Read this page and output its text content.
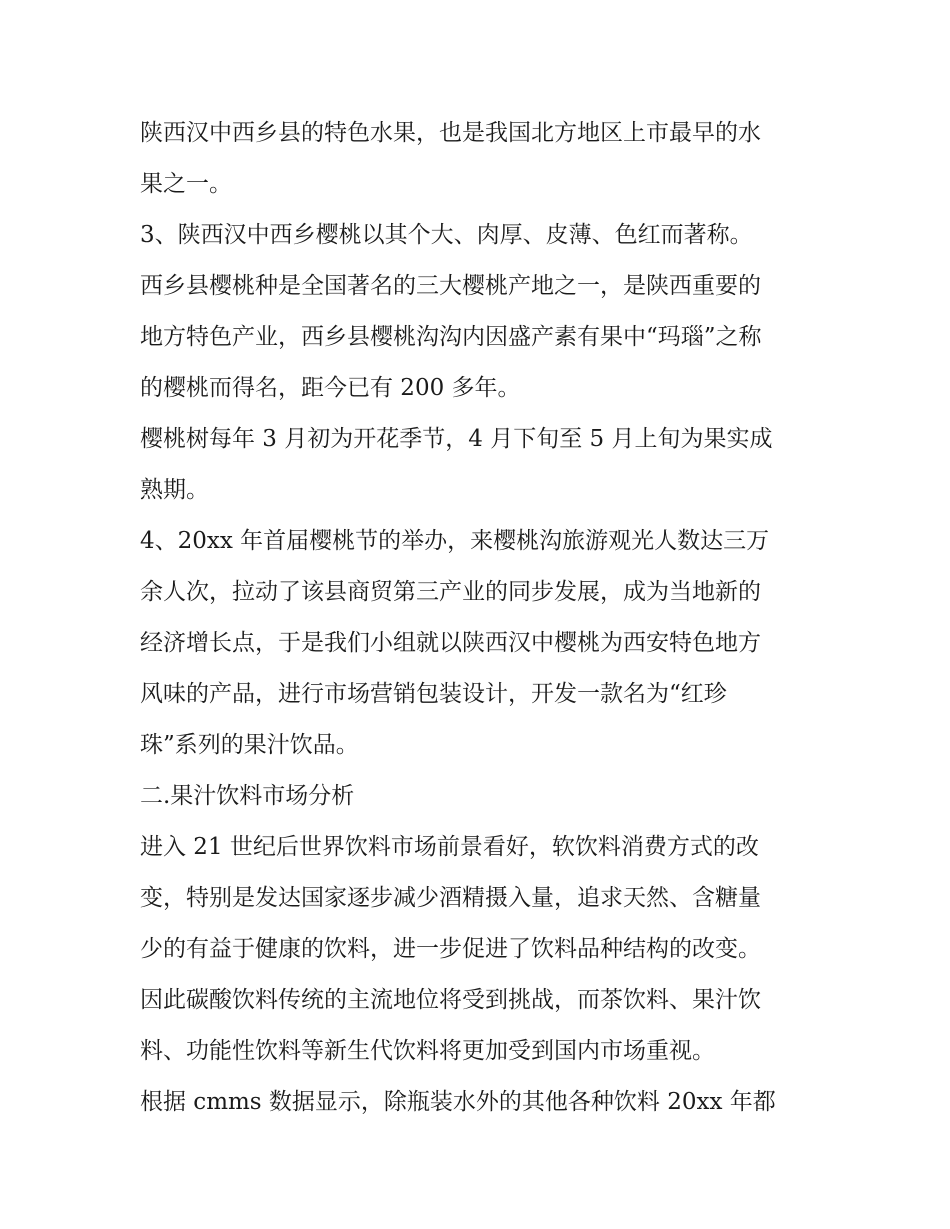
陕西汉中西乡县的特色水果，也是我国北方地区上市最早的水
果之一。
3、陕西汉中西乡樱桃以其个大、肉厚、皮薄、色红而著称。
西乡县樱桃种是全国著名的三大樱桃产地之一，是陕西重要的
地方特色产业，西乡县樱桃沟沟内因盛产素有果中“玛瑙”之称
的樱桃而得名，距今已有 200 多年。
樱桃树每年 3 月初为开花季节，4 月下旬至 5 月上旬为果实成
熟期。
4、20xx 年首届樱桃节的举办，来樱桃沟旅游观光人数达三万
余人次，拉动了该县商贸第三产业的同步发展，成为当地新的
经济增长点，于是我们小组就以陕西汉中樱桃为西安特色地方
风味的产品，进行市场营销包装设计，开发一款名为“红珍
珠”系列的果汁饮品。
二.果汁饮料市场分析
进入 21 世纪后世界饮料市场前景看好，软饮料消费方式的改
变，特别是发达国家逐步减少酒精摄入量，追求天然、含糖量
少的有益于健康的饮料，进一步促进了饮料品种结构的改变。
因此碳酸饮料传统的主流地位将受到挑战，而茶饮料、果汁饮
料、功能性饮料等新生代饮料将更加受到国内市场重视。
根据 cmms 数据显示，除瓶装水外的其他各种饮料 20xx 年都
